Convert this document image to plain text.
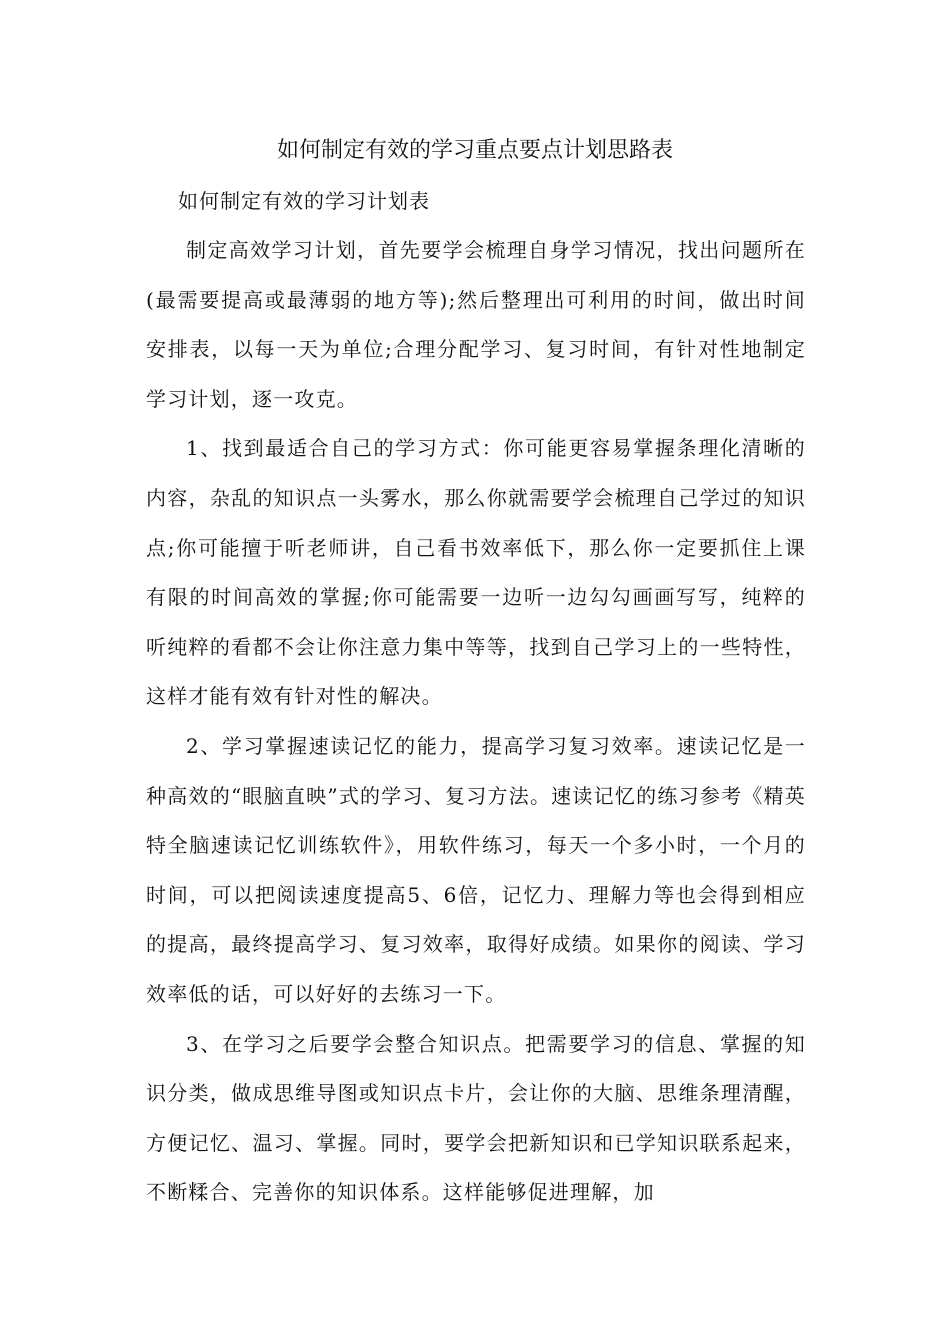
如何制定有效的学习重点要点计划思路表

如何制定有效的学习计划表

制定高效学习计划，首先要学会梳理自身学习情况，找出问题所在(最需要提高或最薄弱的地方等);然后整理出可利用的时间，做出时间安排表，以每一天为单位;合理分配学习、复习时间，有针对性地制定学习计划，逐一攻克。

1、找到最适合自己的学习方式：你可能更容易掌握条理化清晰的内容，杂乱的知识点一头雾水，那么你就需要学会梳理自己学过的知识点;你可能擅于听老师讲，自己看书效率低下，那么你一定要抓住上课有限的时间高效的掌握;你可能需要一边听一边勾勾画画写写，纯粹的听纯粹的看都不会让你注意力集中等等，找到自己学习上的一些特性，这样才能有效有针对性的解决。

2、学习掌握速读记忆的能力，提高学习复习效率。速读记忆是一种高效的“眼脑直映”式的学习、复习方法。速读记忆的练习参考《精英特全脑速读记忆训练软件》，用软件练习，每天一个多小时，一个月的时间，可以把阅读速度提高5、6倍，记忆力、理解力等也会得到相应的提高，最终提高学习、复习效率，取得好成绩。如果你的阅读、学习效率低的话，可以好好的去练习一下。

3、在学习之后要学会整合知识点。把需要学习的信息、掌握的知识分类，做成思维导图或知识点卡片，会让你的大脑、思维条理清醒，方便记忆、温习、掌握。同时，要学会把新知识和已学知识联系起来，不断糅合、完善你的知识体系。这样能够促进理解，加
